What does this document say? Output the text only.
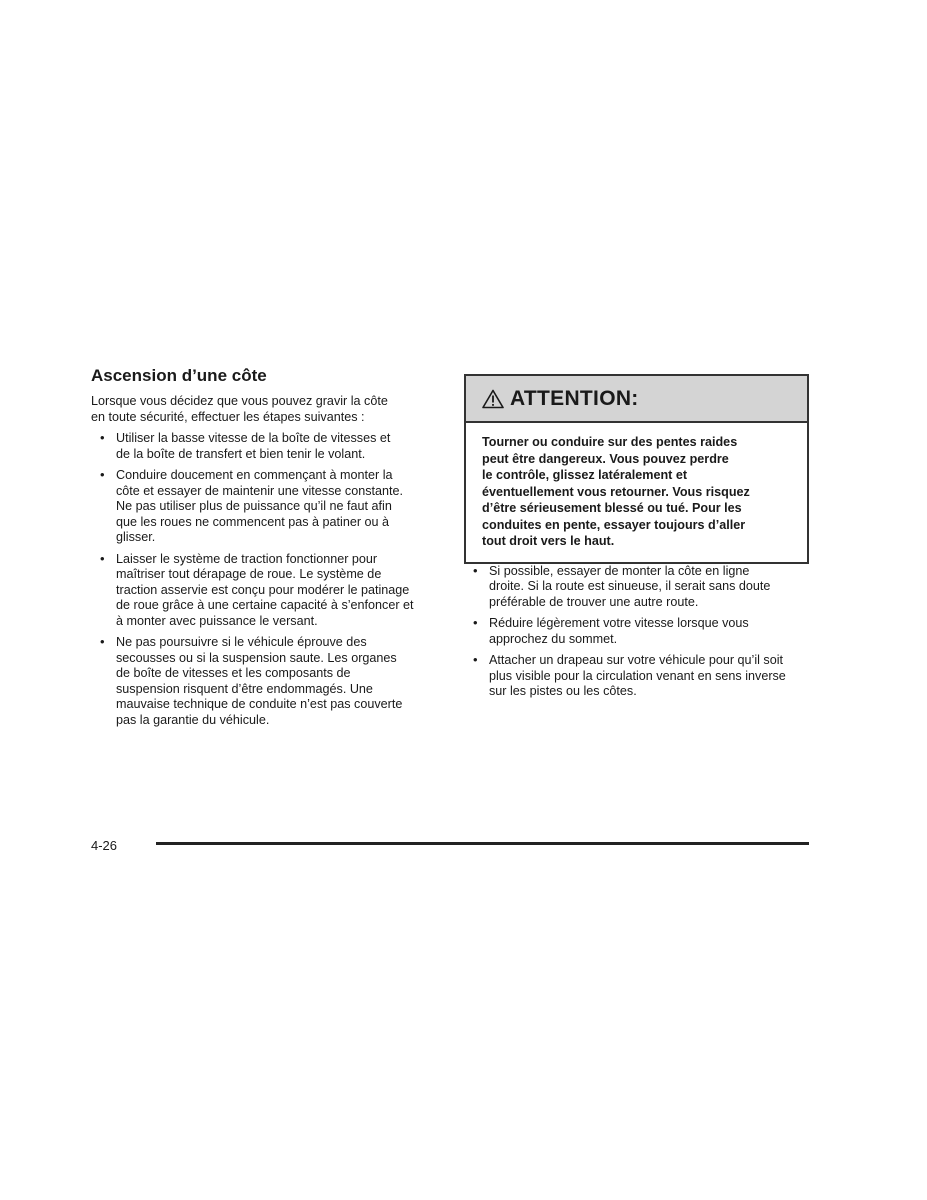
Ascension d’une côte

Lorsque vous décidez que vous pouvez gravir la côte
en toute sécurité, effectuer les étapes suivantes :

• Utiliser la basse vitesse de la boîte de vitesses et
de la boîte de transfert et bien tenir le volant.
• Conduire doucement en commençant à monter la
côte et essayer de maintenir une vitesse constante.
Ne pas utiliser plus de puissance qu’il ne faut afin
que les roues ne commencent pas à patiner ou à
glisser.
• Laisser le système de traction fonctionner pour
maîtriser tout dérapage de roue. Le système de
traction asservie est conçu pour modérer le patinage
de roue grâce à une certaine capacité à s’enfoncer et
à monter avec puissance le versant.
• Ne pas poursuivre si le véhicule éprouve des
secousses ou si la suspension saute. Les organes
de boîte de vitesses et les composants de
suspension risquent d’être endommagés. Une
mauvaise technique de conduite n’est pas couverte
pas la garantie du véhicule.
ATTENTION:
Tourner ou conduire sur des pentes raides
peut être dangereux. Vous pouvez perdre
le contrôle, glissez latéralement et
éventuellement vous retourner. Vous risquez
d’être sérieusement blessé ou tué. Pour les
conduites en pente, essayer toujours d’aller
tout droit vers le haut.
• Si possible, essayer de monter la côte en ligne
droite. Si la route est sinueuse, il serait sans doute
préférable de trouver une autre route.
• Réduire légèrement votre vitesse lorsque vous
approchez du sommet.
• Attacher un drapeau sur votre véhicule pour qu’il soit
plus visible pour la circulation venant en sens inverse
sur les pistes ou les côtes.
4-26
